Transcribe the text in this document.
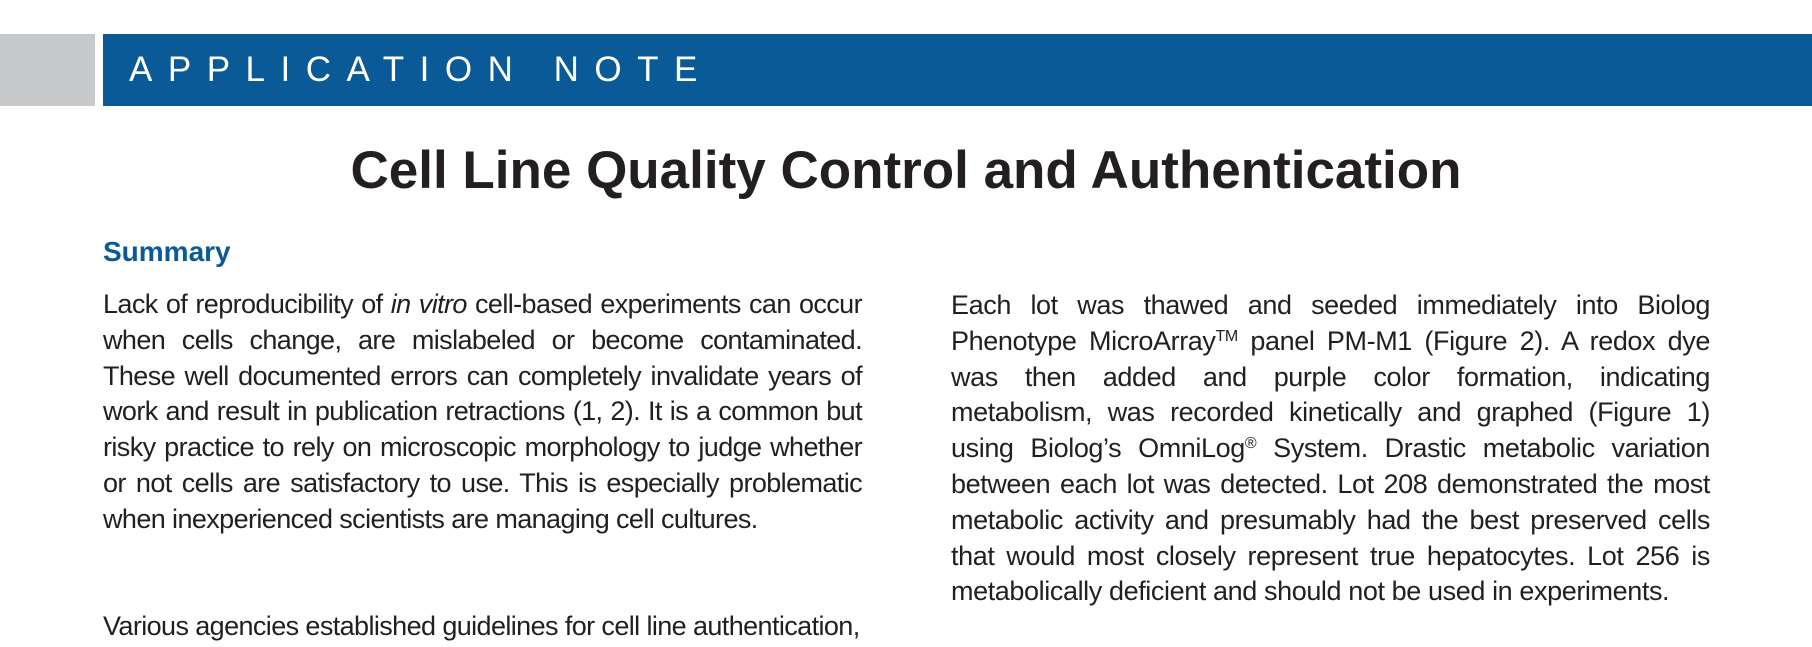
APPLICATION NOTE
Cell Line Quality Control and Authentication
Summary

Lack of reproducibility of in vitro cell-based experiments can occur when cells change, are mislabeled or become contaminated. These well documented errors can completely invalidate years of work and result in publication retractions (1, 2). It is a common but risky practice to rely on microscopic morphology to judge whether or not cells are satisfactory to use. This is especially problematic when inexperienced scientists are managing cell cultures.

Various agencies established guidelines for cell line authentication,

Each lot was thawed and seeded immediately into Biolog Phenotype MicroArray™ panel PM-M1 (Figure 2). A redox dye was then added and purple color formation, indicating metabolism, was recorded kinetically and graphed (Figure 1) using Biolog’s OmniLog® System. Drastic metabolic variation between each lot was detected. Lot 208 demonstrated the most metabolic activity and presumably had the best preserved cells that would most closely represent true hepatocytes. Lot 256 is metabolically deficient and should not be used in experiments.
